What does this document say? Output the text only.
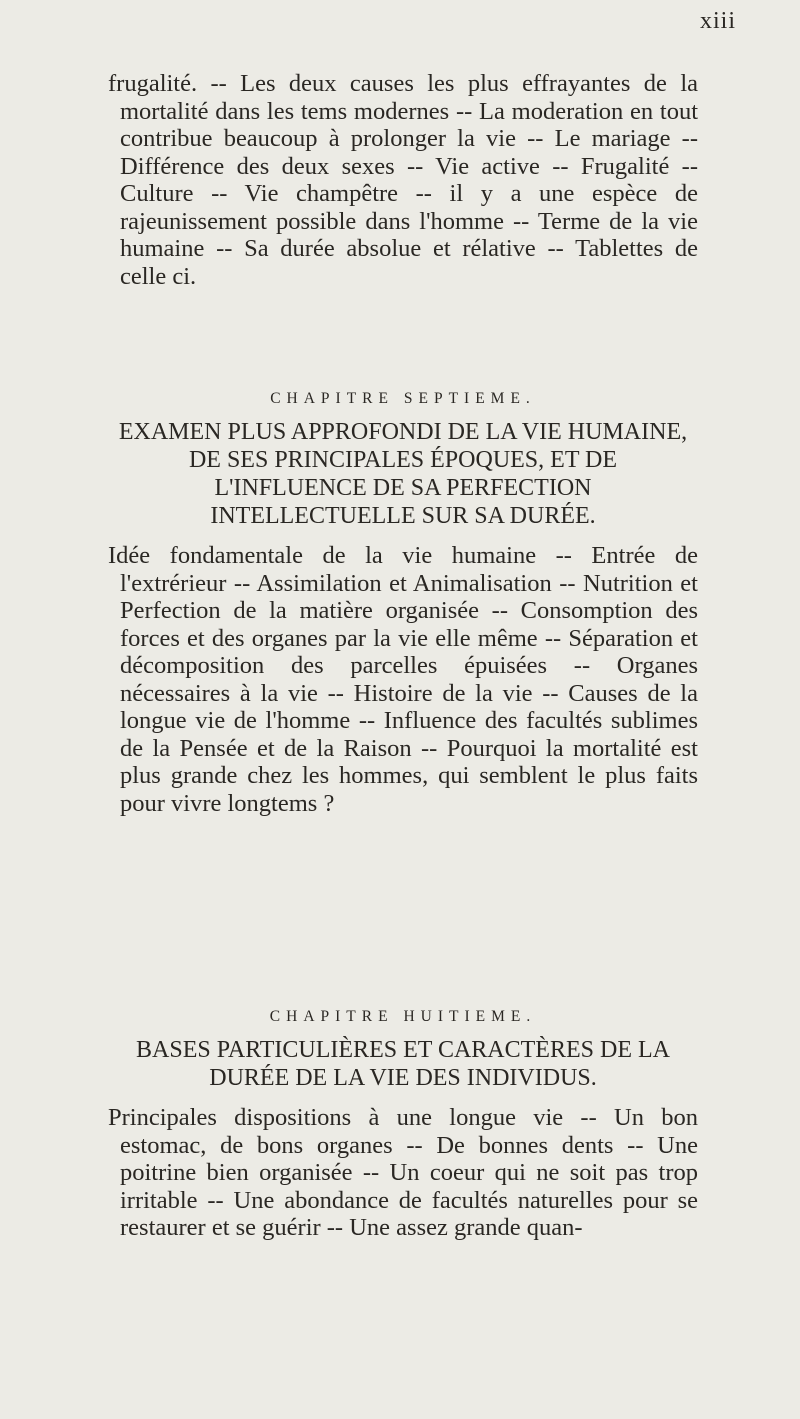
xiii

frugalité. -- Les deux causes les plus effrayantes de la mortalité dans les tems modernes -- La moderation en tout contribue beaucoup à prolonger la vie -- Le mariage -- Différence des deux sexes -- Vie active -- Frugalité -- Culture -- Vie champêtre -- il y a une espèce de rajeunissement possible dans l'homme -- Terme de la vie humaine -- Sa durée absolue et rélative -- Tablettes de celle ci.

CHAPITRE SEPTIEME.

EXAMEN PLUS APPROFONDI DE LA VIE HUMAINE, DE SES PRINCIPALES ÉPOQUES, ET DE L'INFLUENCE DE SA PERFECTION INTELLECTUELLE SUR SA DURÉE.

Idée fondamentale de la vie humaine -- Entrée de l'extrérieur -- Assimilation et Animalisation -- Nutrition et Perfection de la matière organisée -- Consomption des forces et des organes par la vie elle même -- Séparation et décomposition des parcelles épuisées -- Organes nécessaires à la vie -- Histoire de la vie -- Causes de la longue vie de l'homme -- Influence des facultés sublimes de la Pensée et de la Raison -- Pourquoi la mortalité est plus grande chez les hommes, qui semblent le plus faits pour vivre longtems ?

CHAPITRE HUITIEME.

BASES PARTICULIÈRES ET CARACTÈRES DE LA DURÉE DE LA VIE DES INDIVIDUS.

Principales dispositions à une longue vie -- Un bon estomac, de bons organes -- De bonnes dents -- Une poitrine bien organisée -- Un coeur qui ne soit pas trop irritable -- Une abondance de facultés naturelles pour se restaurer et se guérir -- Une assez grande quan-
